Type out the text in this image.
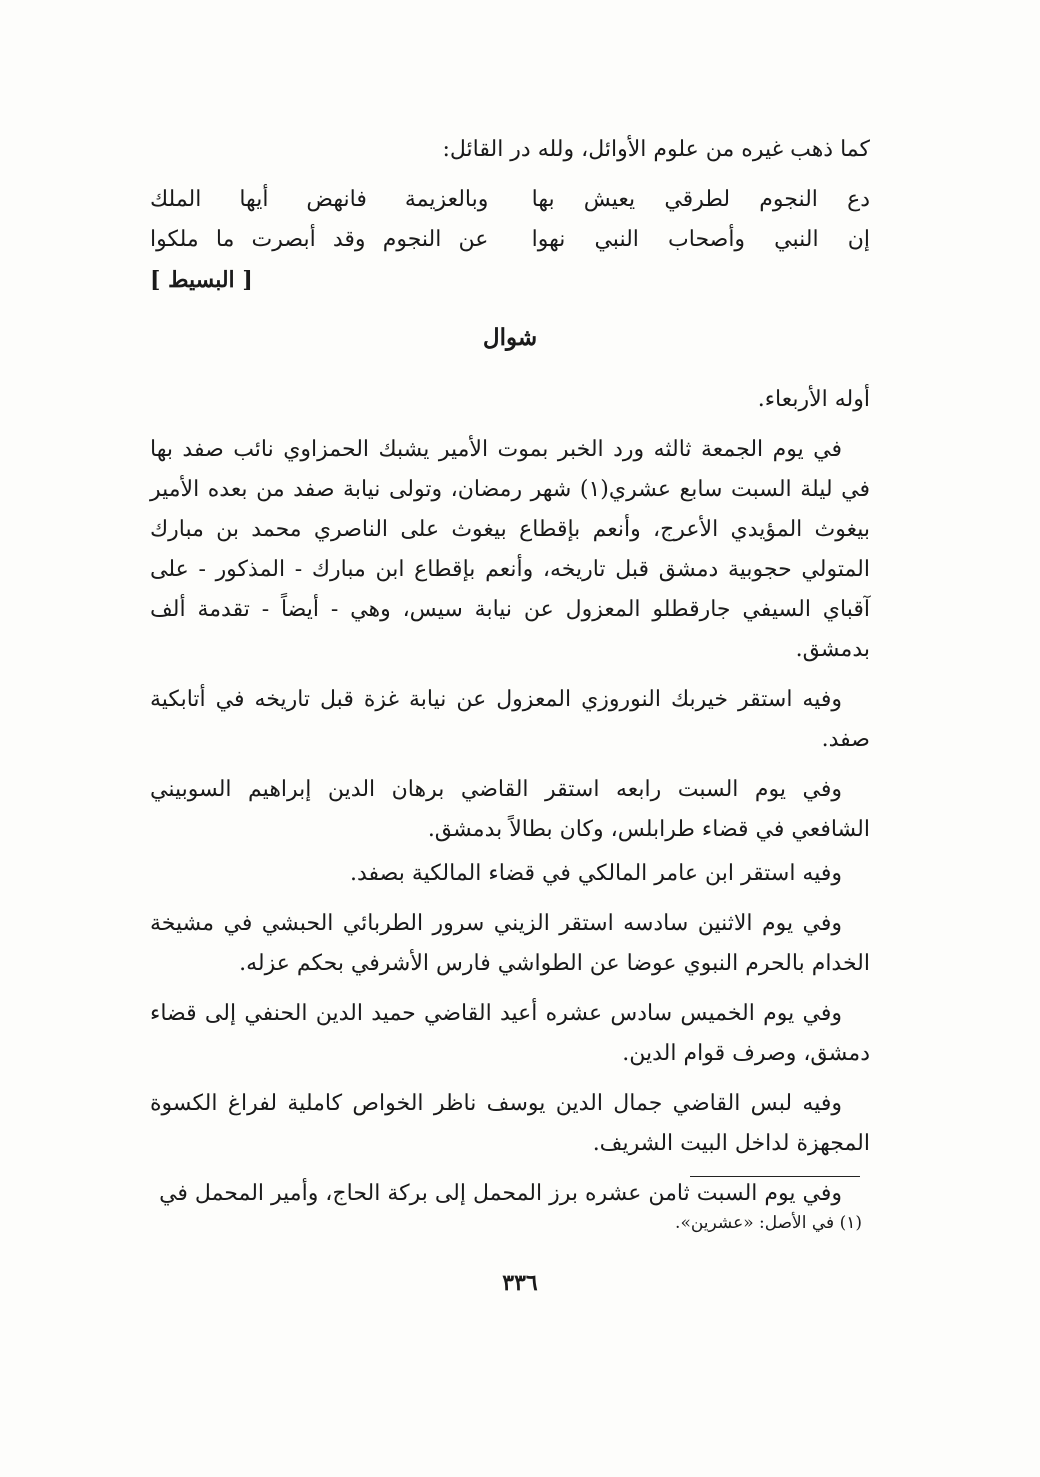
كما ذهب غيره من علوم الأوائل، ولله در القائل:

دع النجوم لطرقي يعيش بها
وبالعزيمة فانهض أيها الملك
إن النبي وأصحاب النبي نهوا
عن النجوم وقد أبصرت ما ملكوا

[ البسيط ]

شوال

أوله الأربعاء.

في يوم الجمعة ثالثه ورد الخبر بموت الأمير يشبك الحمزاوي نائب صفد بها في ليلة السبت سابع عشري(١) شهر رمضان، وتولى نيابة صفد من بعده الأمير بيغوث المؤيدي الأعرج، وأنعم بإقطاع بيغوث على الناصري محمد بن مبارك المتولي حجوبية دمشق قبل تاريخه، وأنعم بإقطاع ابن مبارك - المذكور - على آقباي السيفي جارقطلو المعزول عن نيابة سيس، وهي - أيضاً - تقدمة ألف بدمشق.

وفيه استقر خيربك النوروزي المعزول عن نيابة غزة قبل تاريخه في أتابكية صفد.

وفي يوم السبت رابعه استقر القاضي برهان الدين إبراهيم السوبيني الشافعي في قضاء طرابلس، وكان بطالاً بدمشق.

وفيه استقر ابن عامر المالكي في قضاء المالكية بصفد.

وفي يوم الاثنين سادسه استقر الزيني سرور الطربائي الحبشي في مشيخة الخدام بالحرم النبوي عوضا عن الطواشي فارس الأشرفي بحكم عزله.

وفي يوم الخميس سادس عشره أعيد القاضي حميد الدين الحنفي إلى قضاء دمشق، وصرف قوام الدين.

وفيه لبس القاضي جمال الدين يوسف ناظر الخواص كاملية لفراغ الكسوة المجهزة لداخل البيت الشريف.

وفي يوم السبت ثامن عشره برز المحمل إلى بركة الحاج، وأمير المحمل في

(١) في الأصل: «عشرين».

٣٣٦
